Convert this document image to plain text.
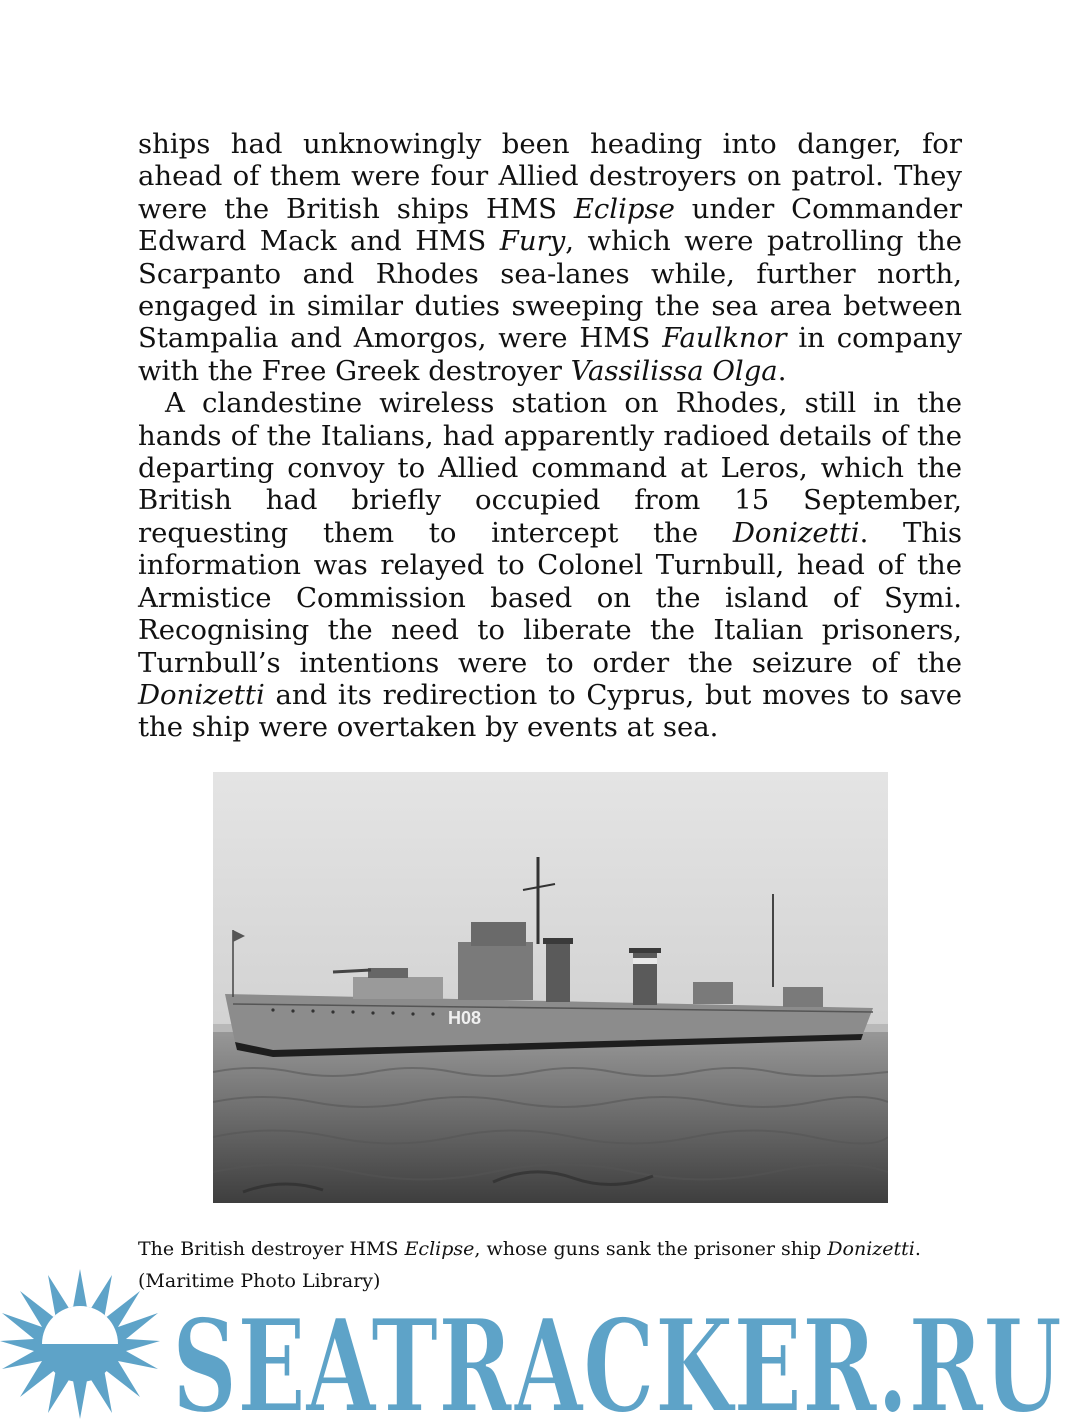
ships had unknowingly been heading into danger, for ahead of them were four Allied destroyers on patrol. They were the British ships HMS Eclipse under Commander Edward Mack and HMS Fury, which were patrolling the Scarpanto and Rhodes sea-lanes while, further north, engaged in similar duties sweeping the sea area between Stampalia and Amorgos, were HMS Faulknor in company with the Free Greek destroyer Vassilissa Olga.

A clandestine wireless station on Rhodes, still in the hands of the Italians, had apparently radioed details of the departing convoy to Allied command at Leros, which the British had briefly occupied from 15 September, requesting them to intercept the Donizetti. This information was relayed to Colonel Turnbull, head of the Armistice Commission based on the island of Symi. Recognising the need to liberate the Italian prisoners, Turnbull’s intentions were to order the seizure of the Donizetti and its redirection to Cyprus, but moves to save the ship were overtaken by events at sea.

H08
The British destroyer HMS Eclipse, whose guns sank the prisoner ship Donizetti. (Maritime Photo Library)
SEATRACKER.RU
